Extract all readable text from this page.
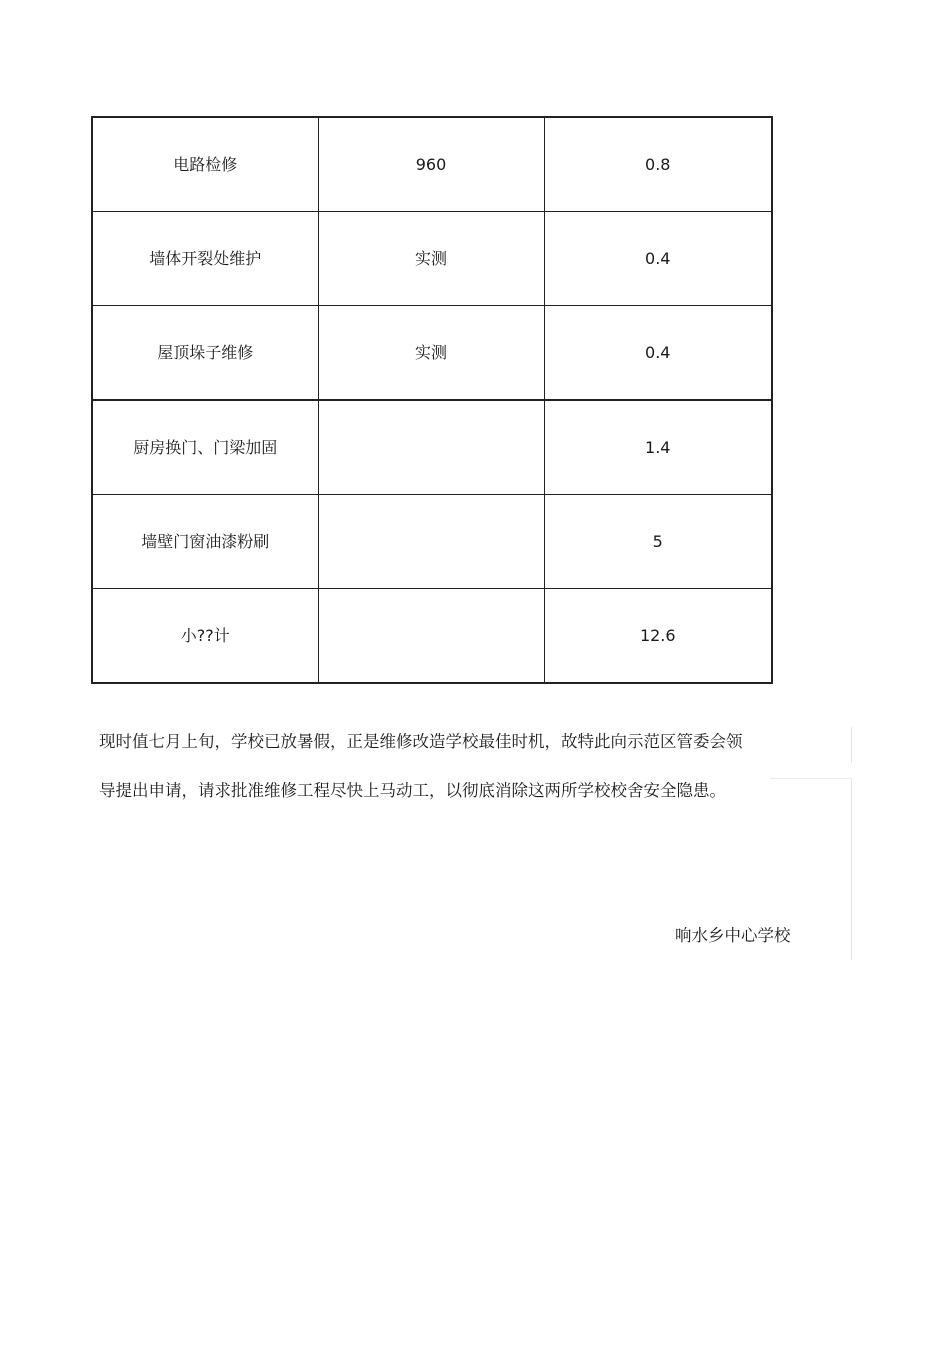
电路检修	960	0.8
墙体开裂处维护	实测	0.4
屋顶垛子维修	实测	0.4
厨房换门、门梁加固		1.4
墙壁门窗油漆粉刷		5
小??计		12.6
现时值七月上旬，学校已放暑假，正是维修改造学校最佳时机，故特此向示范区管委会领
导提出申请，请求批准维修工程尽快上马动工，以彻底消除这两所学校校舍安全隐患。
响水乡中心学校
